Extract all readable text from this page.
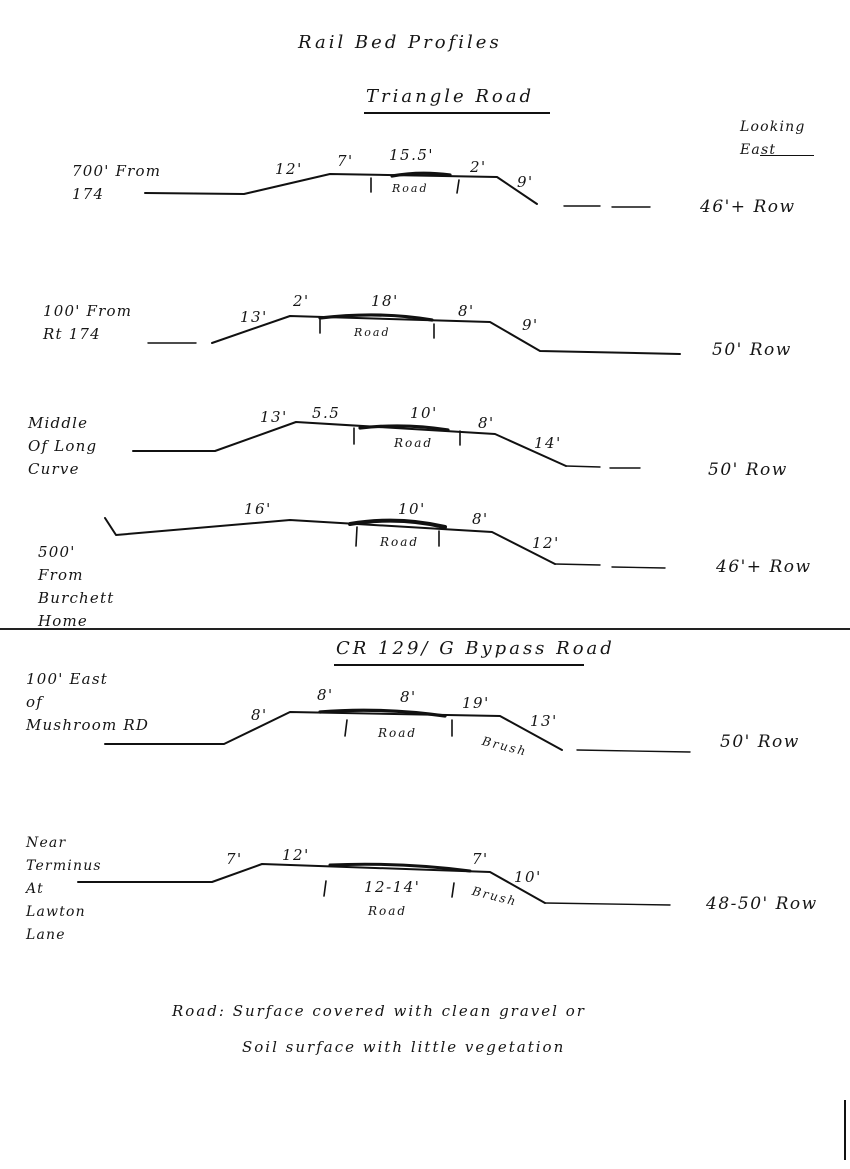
Rail Bed Profiles
Triangle Road
Looking
East
700' From
174
12' 7' 15.5'
2'
9'
Road
46'+ Row
100' From
Rt 174
13'
2'	18'
8'
9'
Road
50' Row
Middle
Of Long
Curve
13' 5.5	10'
8'
14'
Road
50' Row
500'
From
Burchett
Home
16'	10'
8'
12'
Road
46'+ Row
CR 129/ G Bypass Road
100' East
of
Mushroom RD
8'
8'	8'	19'
13'
Road
Brush	50' Row
Near
Terminus
At
Lawton
Lane
7'	12'
12-14'
7'
10'
Road
Brush	48-50' Row
Road: Surface covered with clean gravel or
Soil surface with little vegetation
